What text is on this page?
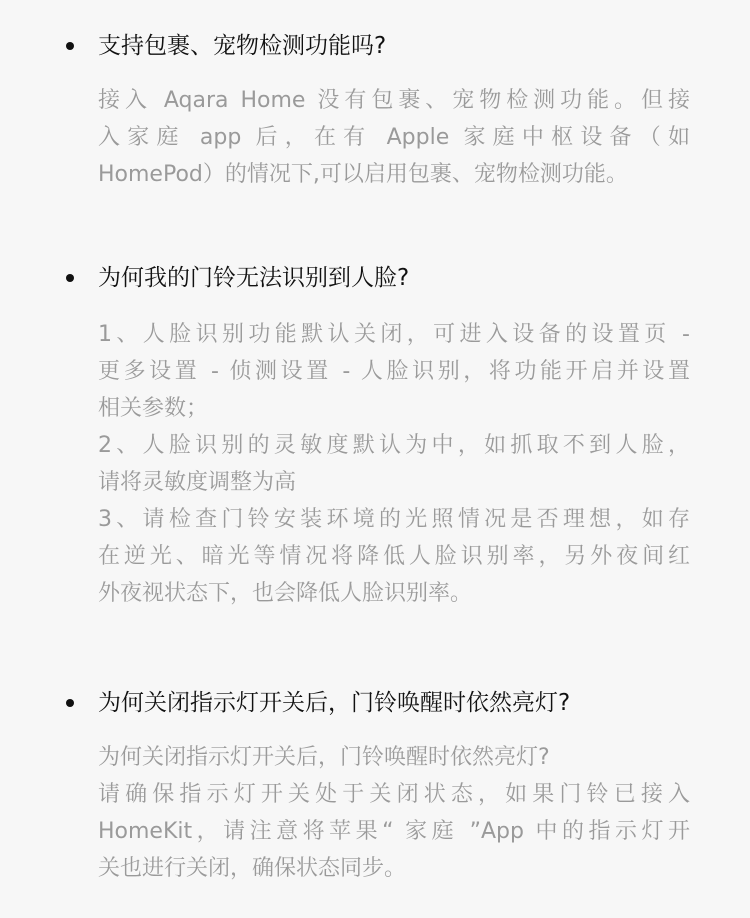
支持包裹、宠物检测功能吗?
接入 Aqara Home 没有包裹、宠物检测功能。但接
入家庭 app 后，在有 Apple 家庭中枢设备（如
HomePod）的情况下,可以启用包裹、宠物检测功能。
为何我的门铃无法识别到人脸?
1、人脸识别功能默认关闭，可进入设备的设置页 -
更多设置 - 侦测设置 - 人脸识别，将功能开启并设置
相关参数；
2、人脸识别的灵敏度默认为中，如抓取不到人脸，
请将灵敏度调整为高
3、请检查门铃安装环境的光照情况是否理想，如存
在逆光、暗光等情况将降低人脸识别率，另外夜间红
外夜视状态下，也会降低人脸识别率。
为何关闭指示灯开关后，门铃唤醒时依然亮灯?
为何关闭指示灯开关后，门铃唤醒时依然亮灯?
请确保指示灯开关处于关闭状态，如果门铃已接入
HomeKit，请注意将苹果“ 家庭 ”App 中的指示灯开
关也进行关闭，确保状态同步。
